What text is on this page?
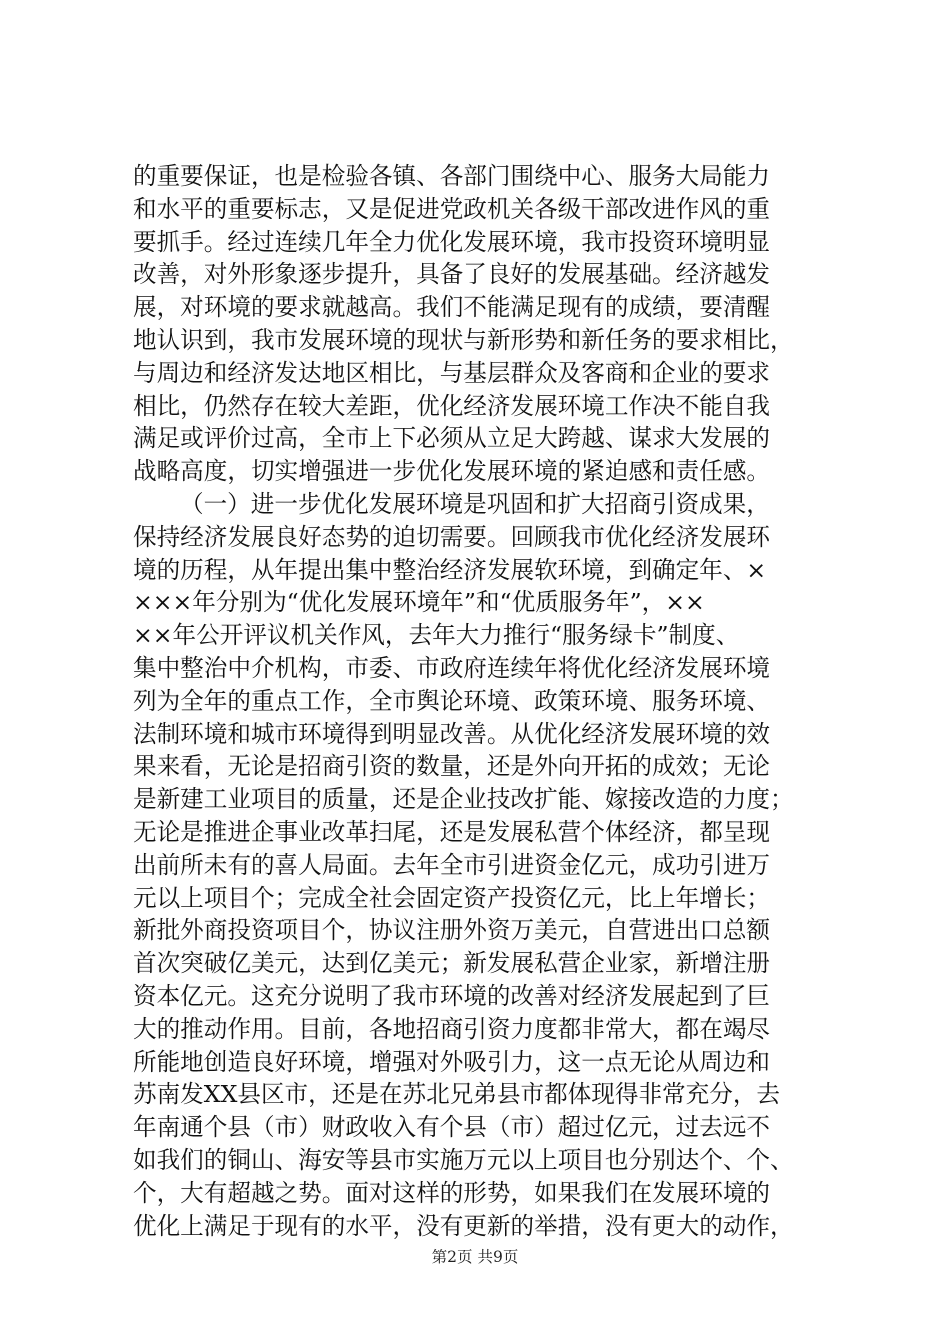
的重要保证，也是检验各镇、各部门围绕中心、服务大局能力
和水平的重要标志，又是促进党政机关各级干部改进作风的重
要抓手。经过连续几年全力优化发展环境，我市投资环境明显
改善，对外形象逐步提升，具备了良好的发展基础。经济越发
展，对环境的要求就越高。我们不能满足现有的成绩，要清醒
地认识到，我市发展环境的现状与新形势和新任务的要求相比，
与周边和经济发达地区相比，与基层群众及客商和企业的要求
相比，仍然存在较大差距，优化经济发展环境工作决不能自我
满足或评价过高，全市上下必须从立足大跨越、谋求大发展的
战略高度，切实增强进一步优化发展环境的紧迫感和责任感。
（一）进一步优化发展环境是巩固和扩大招商引资成果，
保持经济发展良好态势的迫切需要。回顾我市优化经济发展环
境的历程，从年提出集中整治经济发展软环境，到确定年、×
×××年分别为“优化发展环境年”和“优质服务年”，××
××年公开评议机关作风，去年大力推行“服务绿卡”制度、
集中整治中介机构，市委、市政府连续年将优化经济发展环境
列为全年的重点工作，全市舆论环境、政策环境、服务环境、
法制环境和城市环境得到明显改善。从优化经济发展环境的效
果来看，无论是招商引资的数量，还是外向开拓的成效；无论
是新建工业项目的质量，还是企业技改扩能、嫁接改造的力度；
无论是推进企事业改革扫尾，还是发展私营个体经济，都呈现
出前所未有的喜人局面。去年全市引进资金亿元，成功引进万
元以上项目个；完成全社会固定资产投资亿元，比上年增长；
新批外商投资项目个，协议注册外资万美元，自营进出口总额
首次突破亿美元，达到亿美元；新发展私营企业家，新增注册
资本亿元。这充分说明了我市环境的改善对经济发展起到了巨
大的推动作用。目前，各地招商引资力度都非常大，都在竭尽
所能地创造良好环境，增强对外吸引力，这一点无论从周边和
苏南发XX县区市，还是在苏北兄弟县市都体现得非常充分，去
年南通个县（市）财政收入有个县（市）超过亿元，过去远不
如我们的铜山、海安等县市实施万元以上项目也分别达个、个、
个，大有超越之势。面对这样的形势，如果我们在发展环境的
优化上满足于现有的水平，没有更新的举措，没有更大的动作，
第2页 共9页
